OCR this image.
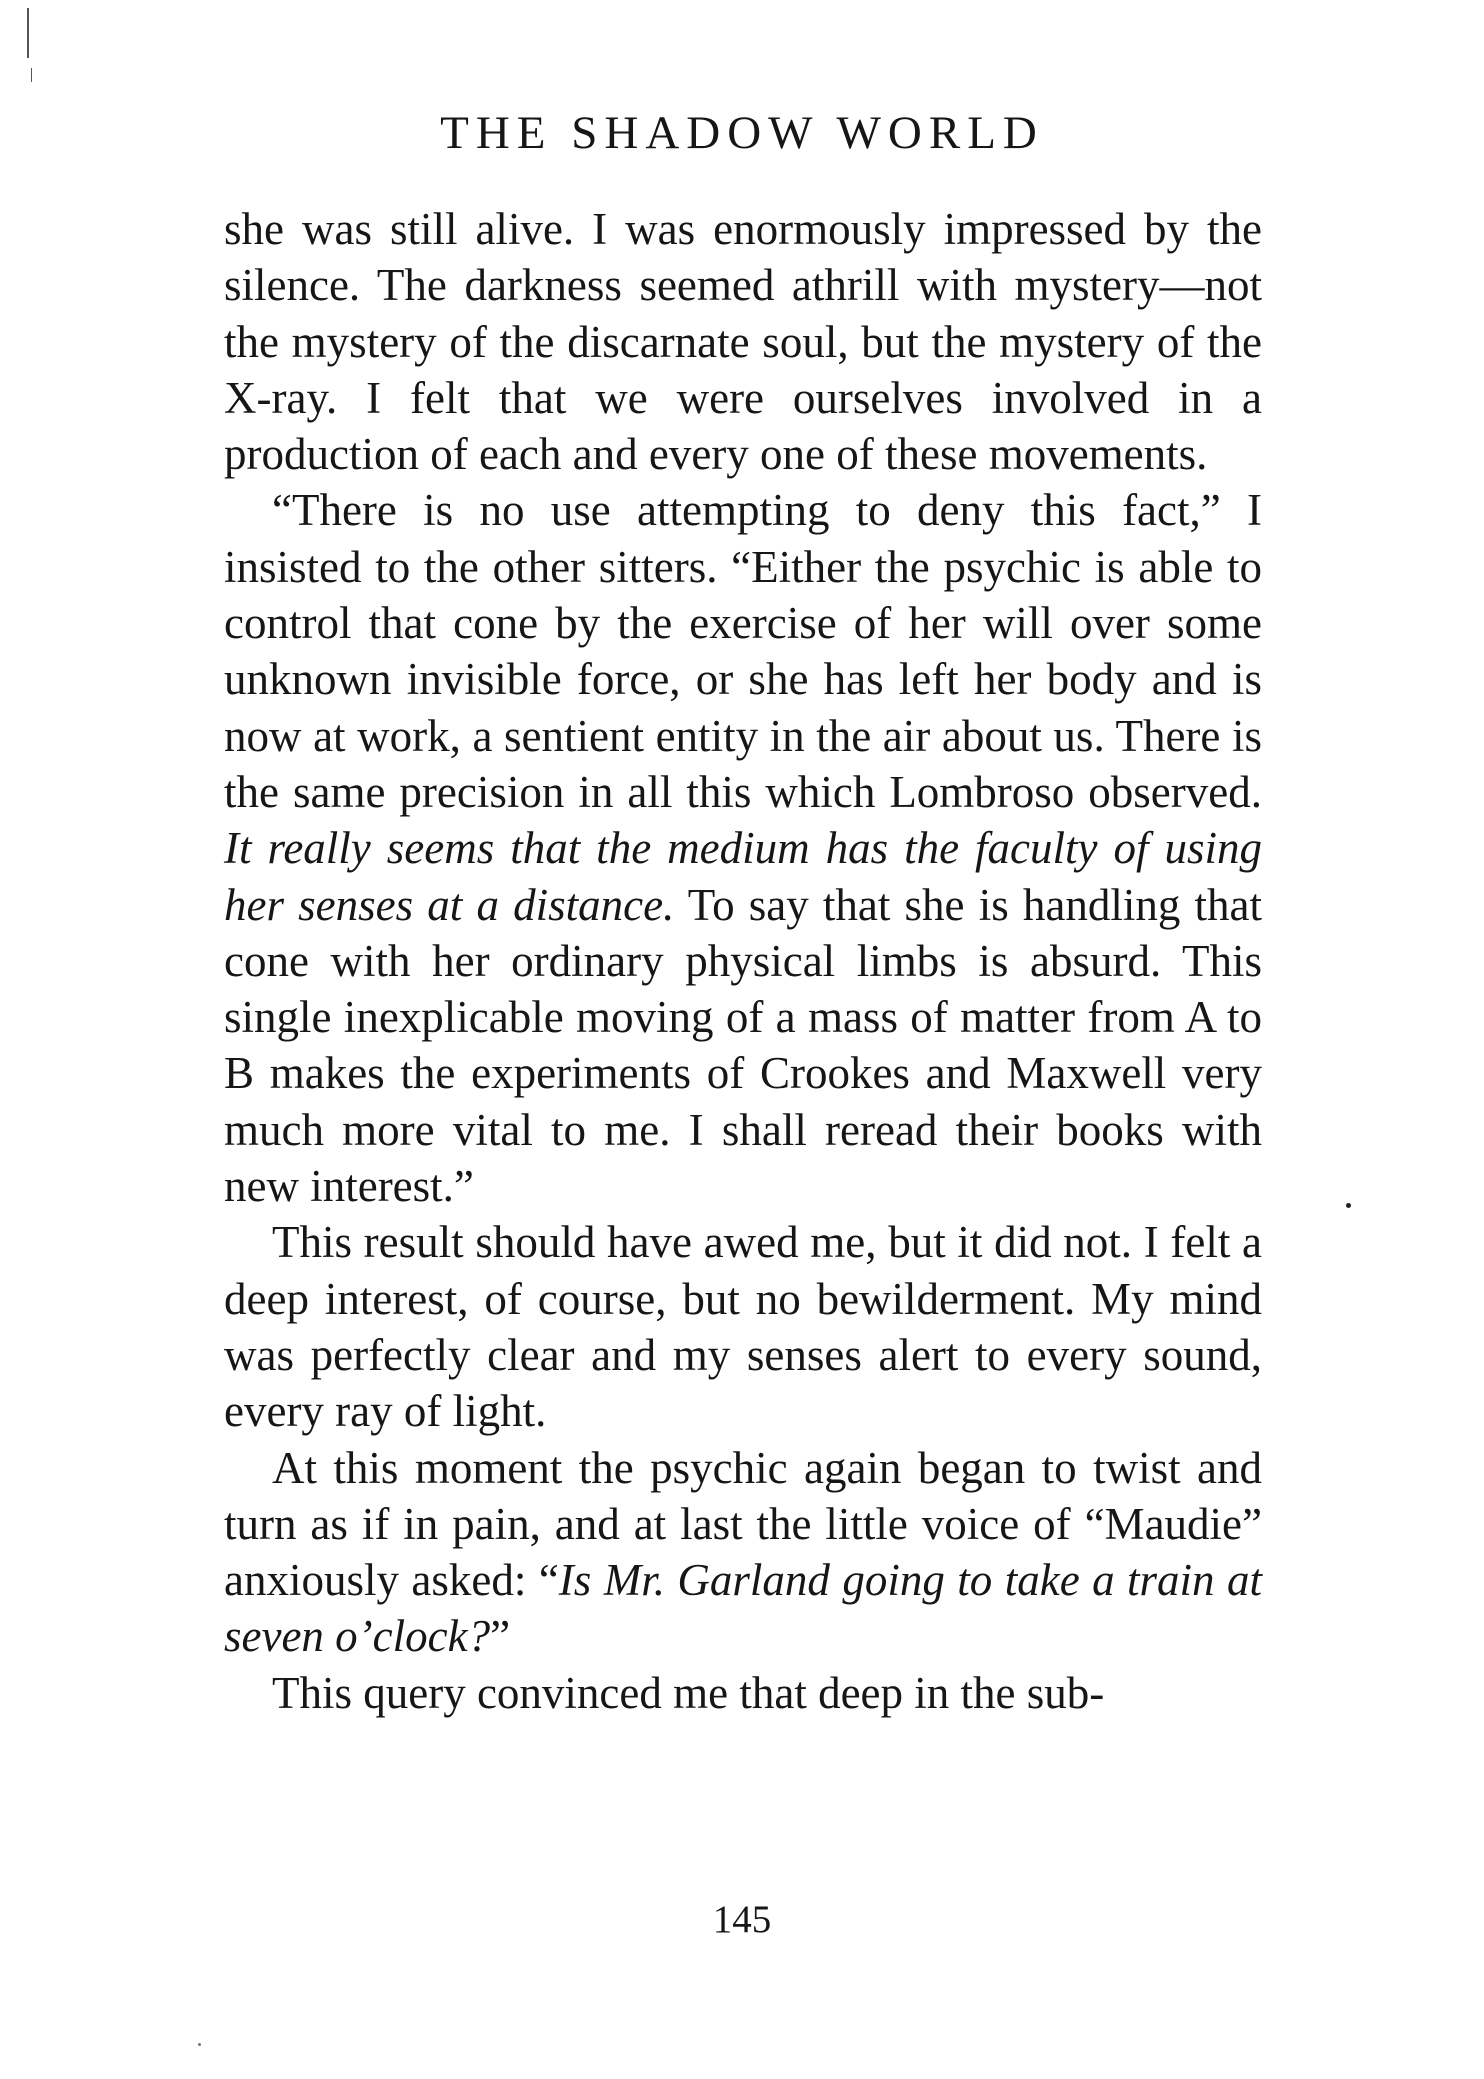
THE SHADOW WORLD

she was still alive. I was enormously impressed by the silence. The darkness seemed athrill with mystery—not the mystery of the discarnate soul, but the mystery of the X-ray. I felt that we were ourselves involved in a production of each and every one of these movements.

“There is no use attempting to deny this fact,” I insisted to the other sitters. “Either the psychic is able to control that cone by the exercise of her will over some unknown invisible force, or she has left her body and is now at work, a sentient entity in the air about us. There is the same precision in all this which Lombroso observed. It really seems that the medium has the faculty of using her senses at a distance. To say that she is handling that cone with her ordinary physical limbs is absurd. This single inexplicable moving of a mass of matter from A to B makes the experiments of Crookes and Maxwell very much more vital to me. I shall reread their books with new interest.”

This result should have awed me, but it did not. I felt a deep interest, of course, but no bewilderment. My mind was perfectly clear and my senses alert to every sound, every ray of light.

At this moment the psychic again began to twist and turn as if in pain, and at last the little voice of “Maudie” anxiously asked: “Is Mr. Garland going to take a train at seven o’clock?”

This query convinced me that deep in the sub-

145
